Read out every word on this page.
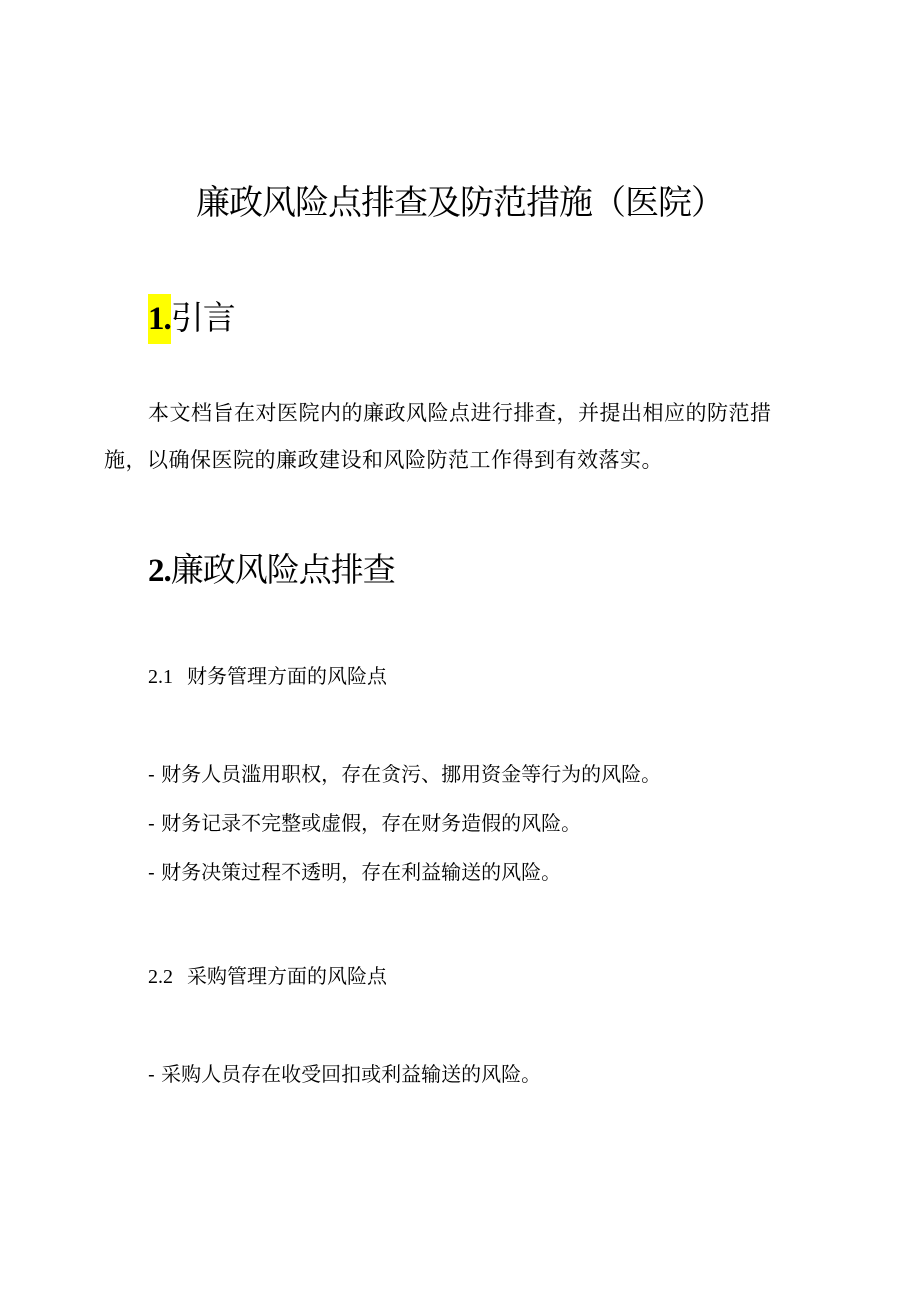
廉政风险点排查及防范措施（医院）
1.引言
本文档旨在对医院内的廉政风险点进行排查，并提出相应的防范措施，以确保医院的廉政建设和风险防范工作得到有效落实。
2.廉政风险点排查
2.1 财务管理方面的风险点
- 财务人员滥用职权，存在贪污、挪用资金等行为的风险。
- 财务记录不完整或虚假，存在财务造假的风险。
- 财务决策过程不透明，存在利益输送的风险。
2.2 采购管理方面的风险点
- 采购人员存在收受回扣或利益输送的风险。
